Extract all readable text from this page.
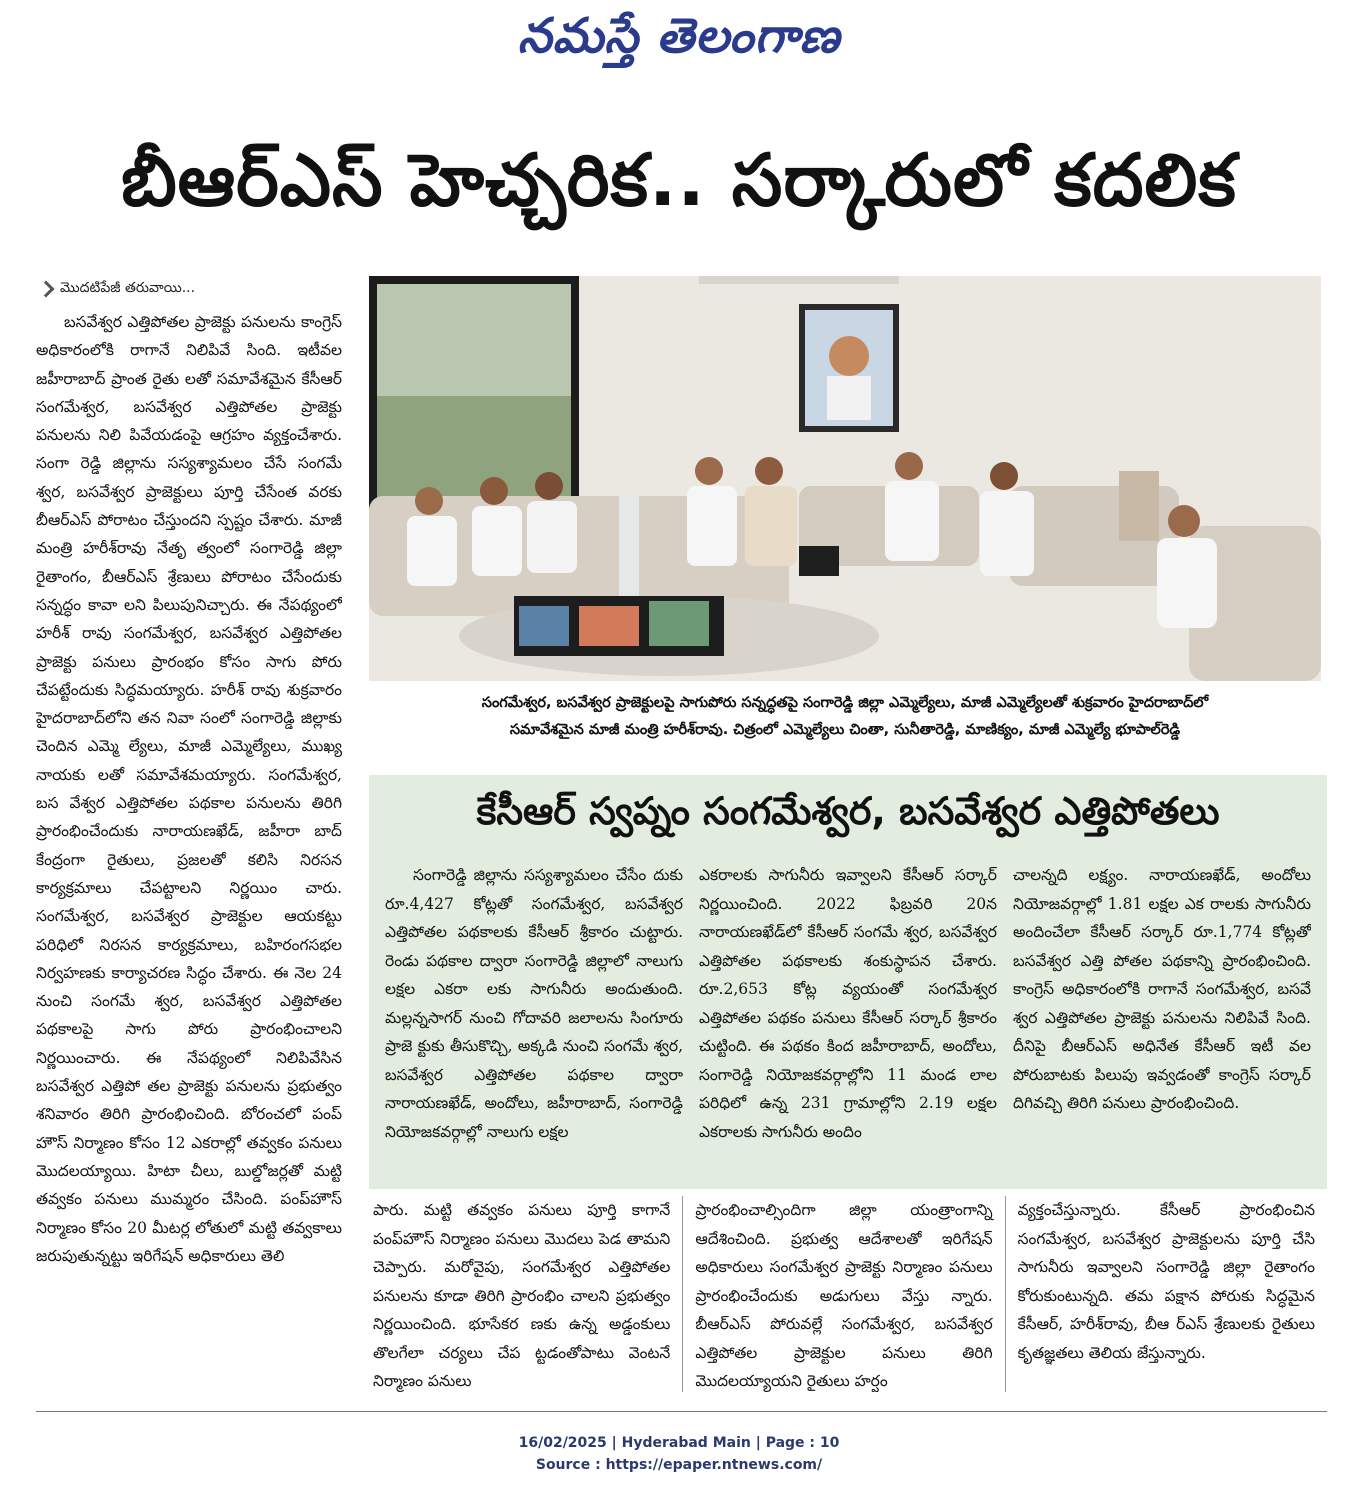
నమస్తే తెలంగాణ
బీఆర్ఎస్ హెచ్చరిక.. సర్కారులో కదలిక
మొదటిపేజీ తరువాయి...

బసవేశ్వర ఎత్తిపోతల ప్రాజెక్టు పనులను కాంగ్రెస్ అధికారంలోకి రాగానే నిలిపివే సింది. ఇటీవల జహీరాబాద్ ప్రాంత రైతు లతో సమావేశమైన కేసీఆర్ సంగమేశ్వర, బసవేశ్వర ఎత్తిపోతల ప్రాజెక్టు పనులను నిలి పివేయడంపై ఆగ్రహం వ్యక్తంచేశారు. సంగా రెడ్డి జిల్లాను సస్యశ్యామలం చేసే సంగమే శ్వర, బసవేశ్వర ప్రాజెక్టులు పూర్తి చేసేంత వరకు బీఆర్ఎస్ పోరాటం చేస్తుందని స్పష్టం చేశారు. మాజీ మంత్రి హరీశ్‌రావు నేతృ త్వంలో సంగారెడ్డి జిల్లా రైతాంగం, బీఆర్ఎస్ శ్రేణులు పోరాటం చేసేందుకు సన్నద్ధం కావా లని పిలుపునిచ్చారు. ఈ నేపథ్యంలో హరీశ్ రావు సంగమేశ్వర, బసవేశ్వర ఎత్తిపోతల ప్రాజెక్టు పనులు ప్రారంభం కోసం సాగు పోరు చేపట్టేందుకు సిద్ధమయ్యారు. హరీశ్ రావు శుక్రవారం హైదరాబాద్‌లోని తన నివా సంలో సంగారెడ్డి జిల్లాకు చెందిన ఎమ్మె ల్యేలు, మాజీ ఎమ్మెల్యేలు, ముఖ్య నాయకు లతో సమావేశమయ్యారు. సంగమేశ్వర, బస వేశ్వర ఎత్తిపోతల పథకాల పనులను తిరిగి ప్రారంభించేందుకు నారాయణఖేడ్, జహీరా బాద్ కేంద్రంగా రైతులు, ప్రజలతో కలిసి నిరసన కార్యక్రమాలు చేపట్టాలని నిర్ణయిం చారు. సంగమేశ్వర, బసవేశ్వర ప్రాజెక్టుల ఆయకట్టు పరిధిలో నిరసన కార్యక్రమాలు, బహిరంగసభల నిర్వహణకు కార్యాచరణ సిద్ధం చేశారు. ఈ నెల 24 నుంచి సంగమే శ్వర, బసవేశ్వర ఎత్తిపోతల పథకాలపై సాగు పోరు ప్రారంభించాలని నిర్ణయించారు. ఈ నేపథ్యంలో నిలిపివేసిన బసవేశ్వర ఎత్తిపో తల ప్రాజెక్టు పనులను ప్రభుత్వం శనివారం తిరిగి ప్రారంభించింది. బోరంచలో పంప్ హౌస్ నిర్మాణం కోసం 12 ఎకరాల్లో తవ్వకం పనులు మొదలయ్యాయి. హిటా చీలు, బుల్డోజర్లతో మట్టి తవ్వకం పనులు ముమ్మరం చేసింది. పంప్‌హౌస్ నిర్మాణం కోసం 20 మీటర్ల లోతులో మట్టి తవ్వకాలు జరుపుతున్నట్టు ఇరిగేషన్ అధికారులు తెలి

సంగమేశ్వర, బసవేశ్వర ప్రాజెక్టులపై సాగుపోరు సన్నద్ధతపై సంగారెడ్డి జిల్లా ఎమ్మెల్యేలు, మాజీ ఎమ్మెల్యేలతో శుక్రవారం హైదరాబాద్‌లో

సమావేశమైన మాజీ మంత్రి హరీశ్‌రావు. చిత్రంలో ఎమ్మెల్యేలు చింతా, సునీతారెడ్డి, మాణిక్యం, మాజీ ఎమ్మెల్యే భూపాల్‌రెడ్డి

కేసీఆర్ స్వప్నం సంగమేశ్వర, బసవేశ్వర ఎత్తిపోతలు

సంగారెడ్డి జిల్లాను సస్యశ్యామలం చేసేం దుకు రూ.4,427 కోట్లతో సంగమేశ్వర, బసవేశ్వర ఎత్తిపోతల పథకాలకు కేసీఆర్ శ్రీకారం చుట్టారు. రెండు పథకాల ద్వారా సంగారెడ్డి జిల్లాలో నాలుగు లక్షల ఎకరా లకు సాగునీరు అందుతుంది. మల్లన్నసాగర్ నుంచి గోదావరి జలాలను సింగూరు ప్రాజె క్టుకు తీసుకొచ్చి, అక్కడి నుంచి సంగమే శ్వర, బసవేశ్వర ఎత్తిపోతల పథకాల ద్వారా నారాయణఖేడ్, అందోలు, జహీరాబాద్, సంగారెడ్డి నియోజకవర్గాల్లో నాలుగు లక్షల

ఎకరాలకు సాగునీరు ఇవ్వాలని కేసీఆర్ సర్కార్ నిర్ణయించింది. 2022 ఫిబ్రవరి 20న నారాయణఖేడ్‌లో కేసీఆర్ సంగమే శ్వర, బసవేశ్వర ఎత్తిపోతల పథకాలకు శంకుస్థాపన చేశారు. రూ.2,653 కోట్ల వ్యయంతో సంగమేశ్వర ఎత్తిపోతల పథకం పనులు కేసీఆర్ సర్కార్ శ్రీకారం చుట్టింది. ఈ పథకం కింద జహీరాబాద్, అందోలు, సంగారెడ్డి నియోజకవర్గాల్లోని 11 మండ లాల పరిధిలో ఉన్న 231 గ్రామాల్లోని 2.19 లక్షల ఎకరాలకు సాగునీరు అందిం

చాలన్నది లక్ష్యం. నారాయణఖేడ్, అందోలు నియోజవర్గాల్లో 1.81 లక్షల ఎక రాలకు సాగునీరు అందించేలా కేసీఆర్ సర్కార్ రూ.1,774 కోట్లతో బసవేశ్వర ఎత్తి పోతల పథకాన్ని ప్రారంభించింది. కాంగ్రెస్ అధికారంలోకి రాగానే సంగమేశ్వర, బసవే శ్వర ఎత్తిపోతల ప్రాజెక్టు పనులను నిలిపివే సింది. దీనిపై బీఆర్ఎస్ అధినేత కేసీఆర్ ఇటీ వల పోరుబాటకు పిలుపు ఇవ్వడంతో కాంగ్రెస్ సర్కార్ దిగివచ్చి తిరిగి పనులు ప్రారంభించింది.

పారు. మట్టి తవ్వకం పనులు పూర్తి కాగానే పంప్‌హౌస్ నిర్మాణం పనులు మొదలు పెడ తామని చెప్పారు. మరోవైపు, సంగమేశ్వర ఎత్తిపోతల పనులను కూడా తిరిగి ప్రారంభిం చాలని ప్రభుత్వం నిర్ణయించింది. భూసేకర ణకు ఉన్న అడ్డంకులు తొలగేలా చర్యలు చేప ట్టడంతోపాటు వెంటనే నిర్మాణం పనులు

ప్రారంభించాల్సిందిగా జిల్లా యంత్రాంగాన్ని ఆదేశించింది. ప్రభుత్వ ఆదేశాలతో ఇరిగేషన్ అధికారులు సంగమేశ్వర ప్రాజెక్టు నిర్మాణం పనులు ప్రారంభించేందుకు అడుగులు వేస్తు న్నారు. బీఆర్ఎస్ పోరువల్లే సంగమేశ్వర, బసవేశ్వర ఎత్తిపోతల ప్రాజెక్టుల పనులు తిరిగి మొదలయ్యాయని రైతులు హర్షం

వ్యక్తంచేస్తున్నారు. కేసీఆర్ ప్రారంభించిన సంగమేశ్వర, బసవేశ్వర ప్రాజెక్టులను పూర్తి చేసి సాగునీరు ఇవ్వాలని సంగారెడ్డి జిల్లా రైతాంగం కోరుకుంటున్నది. తమ పక్షాన పోరుకు సిద్ధమైన కేసీఆర్, హరీశ్‌రావు, బీఆ ర్ఎస్ శ్రేణులకు రైతులు కృతజ్ఞతలు తెలియ జేస్తున్నారు.

16/02/2025 | Hyderabad Main | Page : 10

Source : https://epaper.ntnews.com/
